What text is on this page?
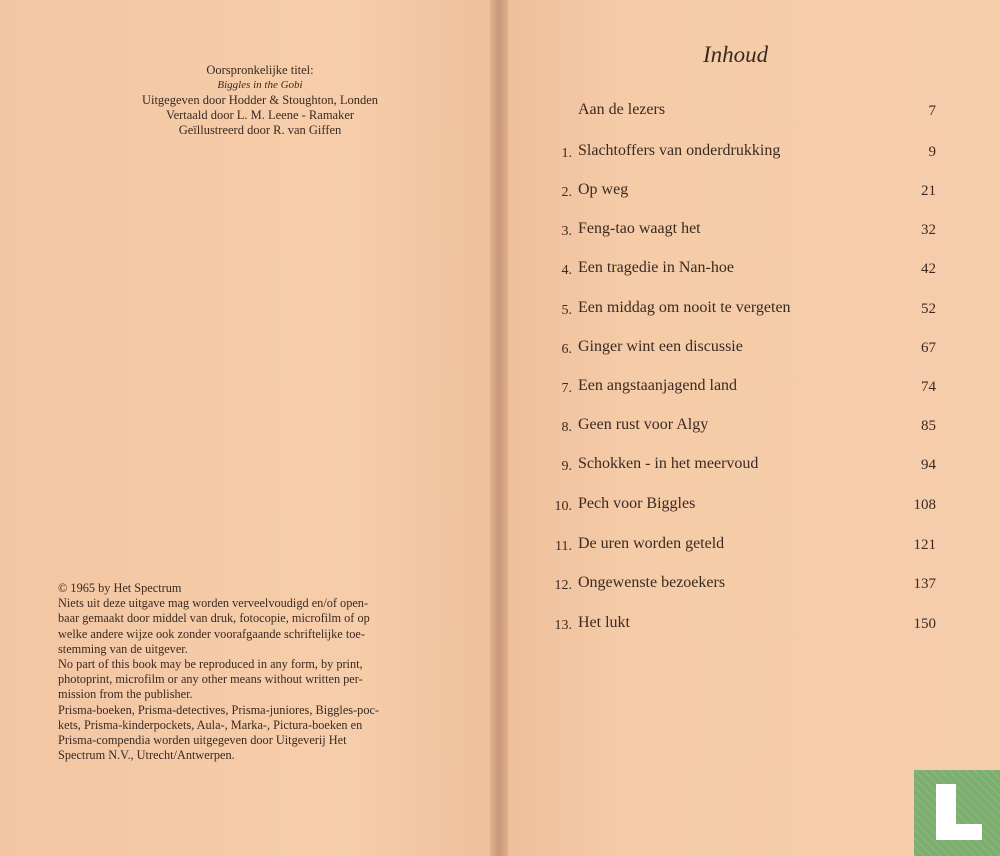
Oorspronkelijke titel:
Biggles in the Gobi
Uitgegeven door Hodder & Stoughton, Londen
Vertaald door L. M. Leene - Ramaker
Geïllustreerd door R. van Giffen
© 1965 by Het Spectrum
Niets uit deze uitgave mag worden verveelvoudigd en/of open-
baar gemaakt door middel van druk, fotocopie, microfilm of op
welke andere wijze ook zonder voorafgaande schriftelijke toe-
stemming van de uitgever.
No part of this book may be reproduced in any form, by print,
photoprint, microfilm or any other means without written per-
mission from the publisher.
Prisma-boeken, Prisma-detectives, Prisma-juniores, Biggles-poc-
kets, Prisma-kinderpockets, Aula-, Marka-, Pictura-boeken en
Prisma-compendia worden uitgegeven door Uitgeverij Het
Spectrum N.V., Utrecht/Antwerpen.
Inhoud
Aan de lezers	7
1. Slachtoffers van onderdrukking	9
2. Op weg	21
3. Feng-tao waagt het	32
4. Een tragedie in Nan-hoe	42
5. Een middag om nooit te vergeten	52
6. Ginger wint een discussie	67
7. Een angstaanjagend land	74
8. Geen rust voor Algy	85
9. Schokken - in het meervoud	94
10. Pech voor Biggles	108
11. De uren worden geteld	121
12. Ongewenste bezoekers	137
13. Het lukt	150
